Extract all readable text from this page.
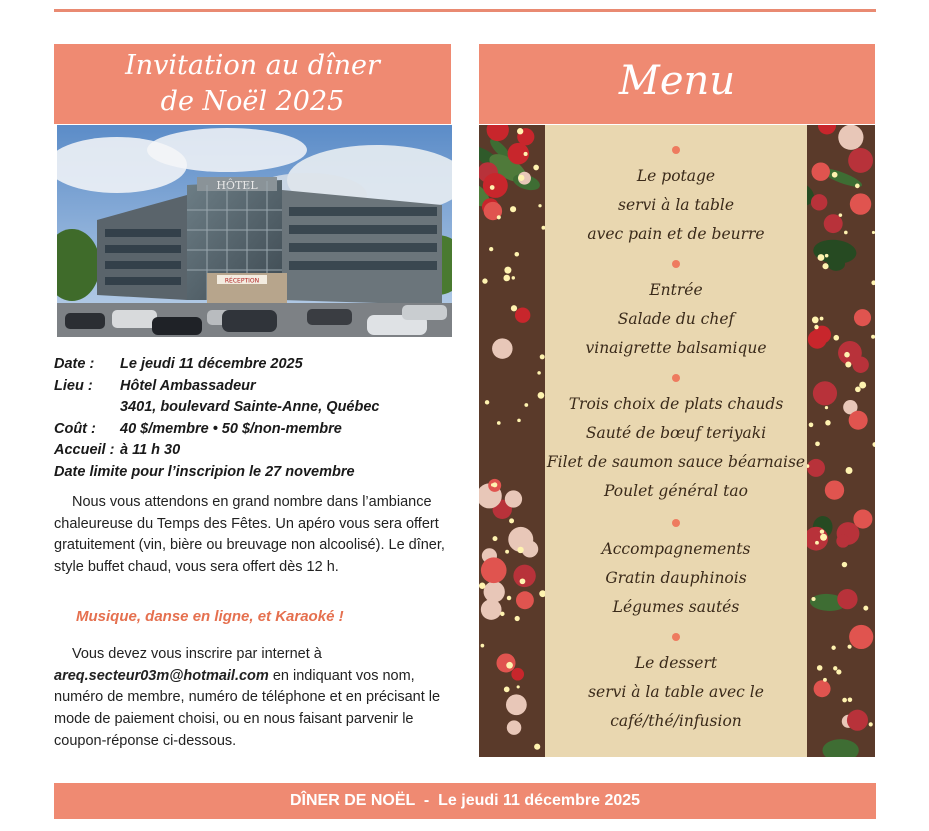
Invitation au dîner
de Noël 2025
HÔTEL
RÉCEPTION
Date :	Le jeudi 11 décembre 2025
Lieu :	Hôtel Ambassadeur
3401, boulevard Sainte-Anne, Québec
Coût :	40 $/membre • 50 $/non-membre
Accueil : à 11 h 30
Date limite pour l’inscripion le 27 novembre
Nous vous attendons en grand nombre dans l’ambiance chaleureuse du Temps des Fêtes. Un apéro vous sera offert gratuitement (vin, bière ou breuvage non alcoolisé). Le dîner, style buffet chaud, vous sera offert dès 12 h.
Musique, danse en ligne, et Karaoké !
Vous devez vous inscrire par internet à areq.secteur03m@hotmail.com en indiquant vos nom, numéro de membre, numéro de téléphone et en précisant le mode de paiement choisi, ou en nous faisant parvenir le coupon-réponse ci-dessous.
Menu
Le potage
servi à la table
avec pain et de beurre
Entrée
Salade du chef
vinaigrette balsamique
Trois choix de plats chauds
Sauté de bœuf teriyaki
Filet de saumon sauce béarnaise
Poulet général tao
Accompagnements
Gratin dauphinois
Légumes sautés
Le dessert
servi à la table avec le
café/thé/infusion
DÎNER DE NOËL - Le jeudi 11 décembre 2025
